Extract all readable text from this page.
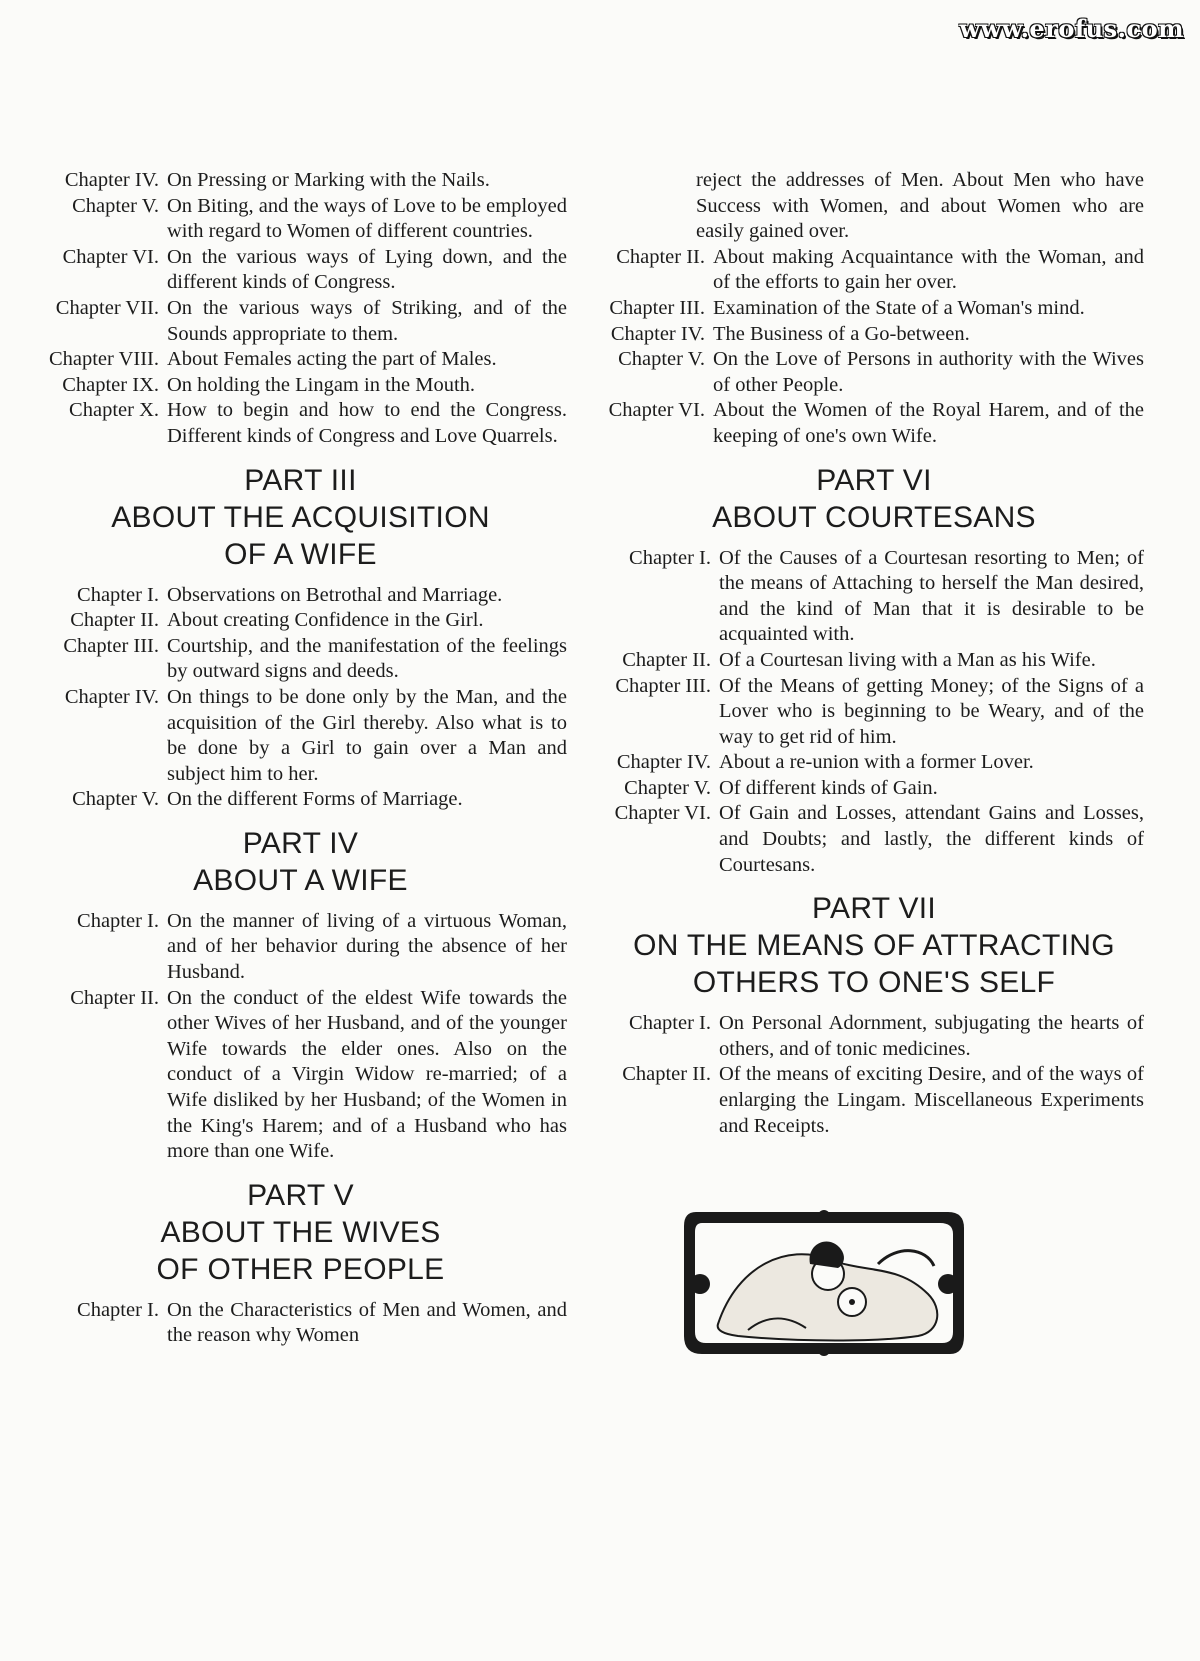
www.erofus.com
Chapter IV. On Pressing or Marking with the Nails.
Chapter V. On Biting, and the ways of Love to be employed with regard to Women of different countries.
Chapter VI. On the various ways of Lying down, and the different kinds of Congress.
Chapter VII. On the various ways of Striking, and of the Sounds appropriate to them.
Chapter VIII. About Females acting the part of Males.
Chapter IX. On holding the Lingam in the Mouth.
Chapter X. How to begin and how to end the Congress. Different kinds of Congress and Love Quarrels.
PART III
ABOUT THE ACQUISITION
OF A WIFE
Chapter I. Observations on Betrothal and Marriage.
Chapter II. About creating Confidence in the Girl.
Chapter III. Courtship, and the manifestation of the feelings by outward signs and deeds.
Chapter IV. On things to be done only by the Man, and the acquisition of the Girl thereby. Also what is to be done by a Girl to gain over a Man and subject him to her.
Chapter V. On the different Forms of Marriage.
PART IV
ABOUT A WIFE
Chapter I. On the manner of living of a virtuous Woman, and of her behavior during the absence of her Husband.
Chapter II. On the conduct of the eldest Wife towards the other Wives of her Husband, and of the younger Wife towards the elder ones. Also on the conduct of a Virgin Widow re-married; of a Wife disliked by her Husband; of the Women in the King's Harem; and of a Husband who has more than one Wife.
PART V
ABOUT THE WIVES
OF OTHER PEOPLE
Chapter I. On the Characteristics of Men and Women, and the reason why Women
reject the addresses of Men. About Men who have Success with Women, and about Women who are easily gained over.
Chapter II. About making Acquaintance with the Woman, and of the efforts to gain her over.
Chapter III. Examination of the State of a Woman's mind.
Chapter IV. The Business of a Go-between.
Chapter V. On the Love of Persons in authority with the Wives of other People.
Chapter VI. About the Women of the Royal Harem, and of the keeping of one's own Wife.
PART VI
ABOUT COURTESANS
Chapter I. Of the Causes of a Courtesan resorting to Men; of the means of Attaching to herself the Man desired, and the kind of Man that it is desirable to be acquainted with.
Chapter II. Of a Courtesan living with a Man as his Wife.
Chapter III. Of the Means of getting Money; of the Signs of a Lover who is beginning to be Weary, and of the way to get rid of him.
Chapter IV. About a re-union with a former Lover.
Chapter V. Of different kinds of Gain.
Chapter VI. Of Gain and Losses, attendant Gains and Losses, and Doubts; and lastly, the different kinds of Courtesans.
PART VII
ON THE MEANS OF ATTRACTING
OTHERS TO ONE'S SELF
Chapter I. On Personal Adornment, subjugating the hearts of others, and of tonic medicines.
Chapter II. Of the means of exciting Desire, and of the ways of enlarging the Lingam. Miscellaneous Experiments and Receipts.
